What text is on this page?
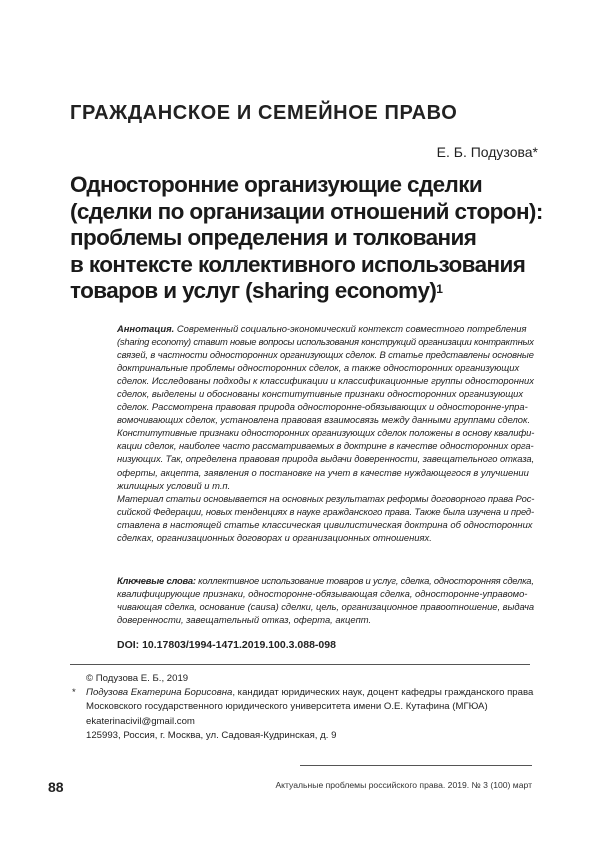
ГРАЖДАНСКОЕ И СЕМЕЙНОЕ ПРАВО
Е. Б. Подузова*
Односторонние организующие сделки
(сделки по организации отношений сторон):
проблемы определения и толкования
в контексте коллективного использования
товаров и услуг (sharing economy)$^1$
Аннотация. Современный социально-экономический контекст совместного потребления
(sharing economy) ставит новые вопросы использования конструкций организации контрактных
связей, в частности односторонних организующих сделок. В статье представлены основные
доктринальные проблемы односторонних сделок, а также односторонних организующих
сделок. Исследованы подходы к классификации и классификационные группы односторонних
сделок, выделены и обоснованы конститутивные признаки односторонних организующих
сделок. Рассмотрена правовая природа односторонне-обязывающих и односторонне-упра-
вомочивающих сделок, установлена правовая взаимосвязь между данными группами сделок.
Конститутивные признаки односторонних организующих сделок положены в основу квалифи-
кации сделок, наиболее часто рассматриваемых в доктрине в качестве односторонних орга-
низующих. Так, определена правовая природа выдачи доверенности, завещательного отказа,
оферты, акцепта, заявления о постановке на учет в качестве нуждающегося в улучшении
жилищных условий и т.п.
Материал статьи основывается на основных результатах реформы договорного права Рос-
сийской Федерации, новых тенденциях в науке гражданского права. Также была изучена и пред-
ставлена в настоящей статье классическая цивилистическая доктрина об односторонних
сделках, организационных договорах и организационных отношениях.
Ключевые слова: коллективное использование товаров и услуг, сделка, односторонняя сделка,
квалифицирующие признаки, односторонне-обязывающая сделка, односторонне-управомо-
чивающая сделка, основание (causa) сделки, цель, организационное правоотношение, выдача
доверенности, завещательный отказ, оферта, акцепт.
DOI: 10.17803/1994-1471.2019.100.3.088-098
© Подузова Е. Б., 2019
* Подузова Екатерина Борисовна, кандидат юридических наук, доцент кафедры гражданского права
Московского государственного юридического университета имени О.Е. Кутафина (МГЮА)
ekaterinacivil@gmail.com
125993, Россия, г. Москва, ул. Садовая-Кудринская, д. 9
88	Актуальные проблемы российского права. 2019. № 3 (100) март
